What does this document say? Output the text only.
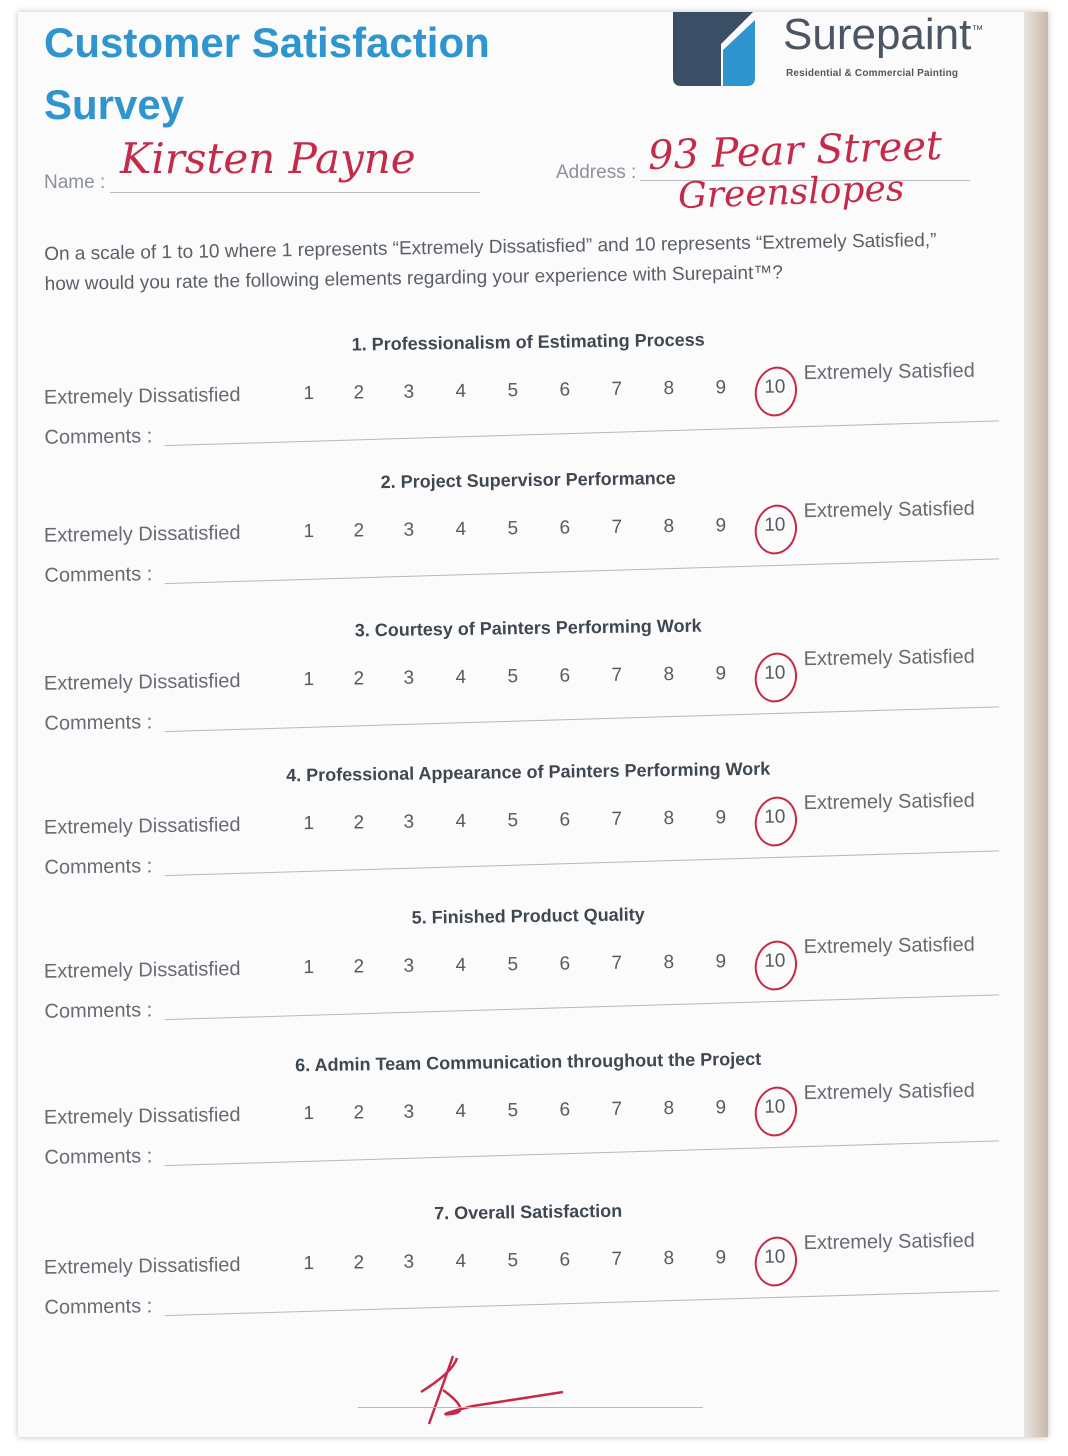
Customer Satisfaction
Survey
Surepaint™
Residential & Commercial Painting
Name : Kirsten Payne	Address : 93 Pear Street
Greenslopes

On a scale of 1 to 10 where 1 represents “Extremely Dissatisfied” and 10 represents “Extremely Satisfied,”
how would you rate the following elements regarding your experience with Surepaint™?

1. Professionalism of Estimating Process
Extremely Dissatisfied	1	2	3	4	5	6	7	8	9	10
Extremely Satisfied
Comments :
2. Project Supervisor Performance
Extremely Dissatisfied	1	2	3	4	5	6	7	8	9	10
Extremely Satisfied
Comments :
3. Courtesy of Painters Performing Work
Extremely Dissatisfied	1	2	3	4	5	6	7	8	9	10
Extremely Satisfied
Comments :
4. Professional Appearance of Painters Performing Work
Extremely Dissatisfied	1	2	3	4	5	6	7	8	9	10
Extremely Satisfied
Comments :
5. Finished Product Quality
Extremely Dissatisfied	1	2	3	4	5	6	7	8	9	10
Extremely Satisfied
Comments :
6. Admin Team Communication throughout the Project
Extremely Dissatisfied	1	2	3	4	5	6	7	8	9	10
Extremely Satisfied
Comments :
7. Overall Satisfaction
Extremely Dissatisfied	1	2	3	4	5	6	7	8	9	10
Extremely Satisfied
Comments :
